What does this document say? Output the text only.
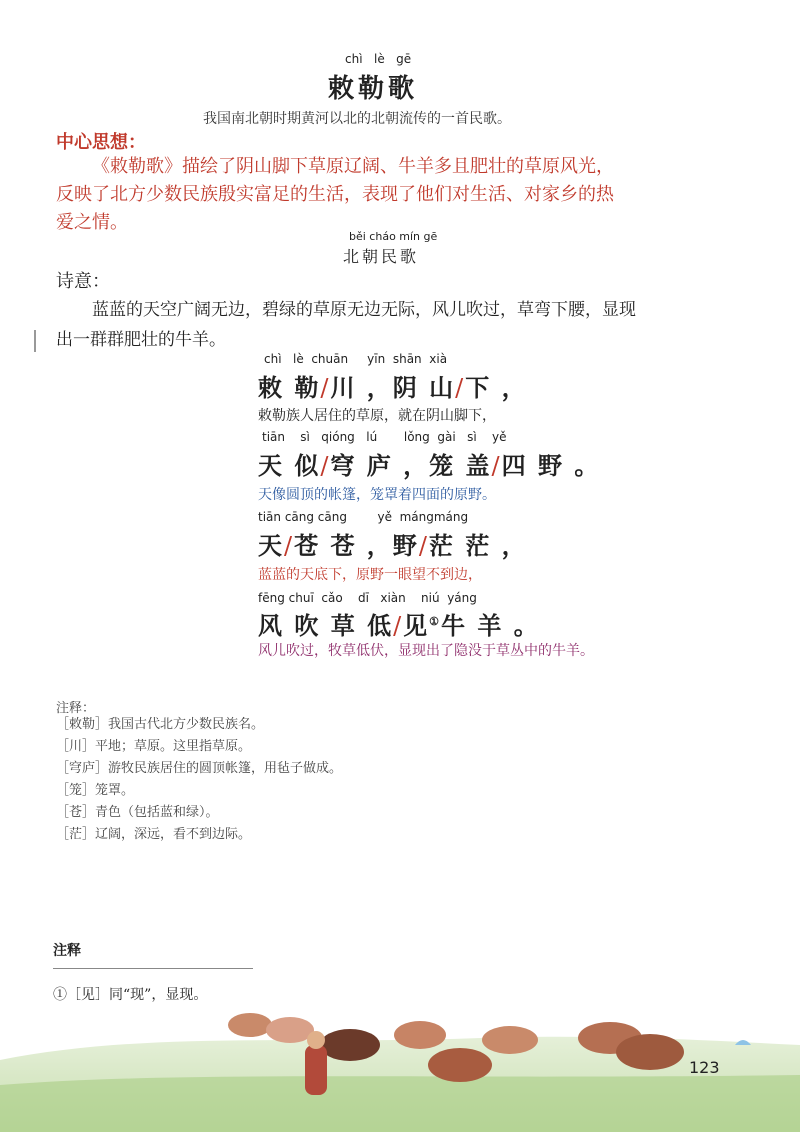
chì   lè   gē
敕勒歌
我国南北朝时期黄河以北的北朝流传的一首民歌。
中心思想：
《敕勒歌》描绘了阴山脚下草原辽阔、牛羊多且肥壮的草原风光，
反映了北方少数民族殷实富足的生活，表现了他们对生活、对家乡的热
爱之情。
běi cháo mín gē
北朝民歌
诗意：
蓝蓝的天空广阔无边，碧绿的草原无边无际，风儿吹过，草弯下腰，显现
出一群群肥壮的牛羊。
chì   lè  chuān     yīn  shān  xià
敕 勒/川 ，阴 山/下 ，
敕勒族人居住的草原，就在阴山脚下，
tiān    sì   qióng   lú       lǒng  gài   sì    yě
天 似/穹 庐 ，笼 盖/四 野 。
天像圆顶的帐篷，笼罩着四面的原野。
tiān cāng cāng        yě  mángmáng
天/苍 苍 ，野/茫 茫 ，
蓝蓝的天底下，原野一眼望不到边，
fēng chuī  cǎo    dī   xiàn    niú  yáng
风 吹 草 低/见①牛 羊 。
风儿吹过，牧草低伏，显现出了隐没于草丛中的牛羊。
注释：
［敕勒］我国古代北方少数民族名。
［川］平地；草原。这里指草原。
［穹庐］游牧民族居住的圆顶帐篷，用毡子做成。
［笼］笼罩。
［苍］青色（包括蓝和绿）。
［茫］辽阔，深远，看不到边际。
注释
①［见］同“现”，显现。
123
